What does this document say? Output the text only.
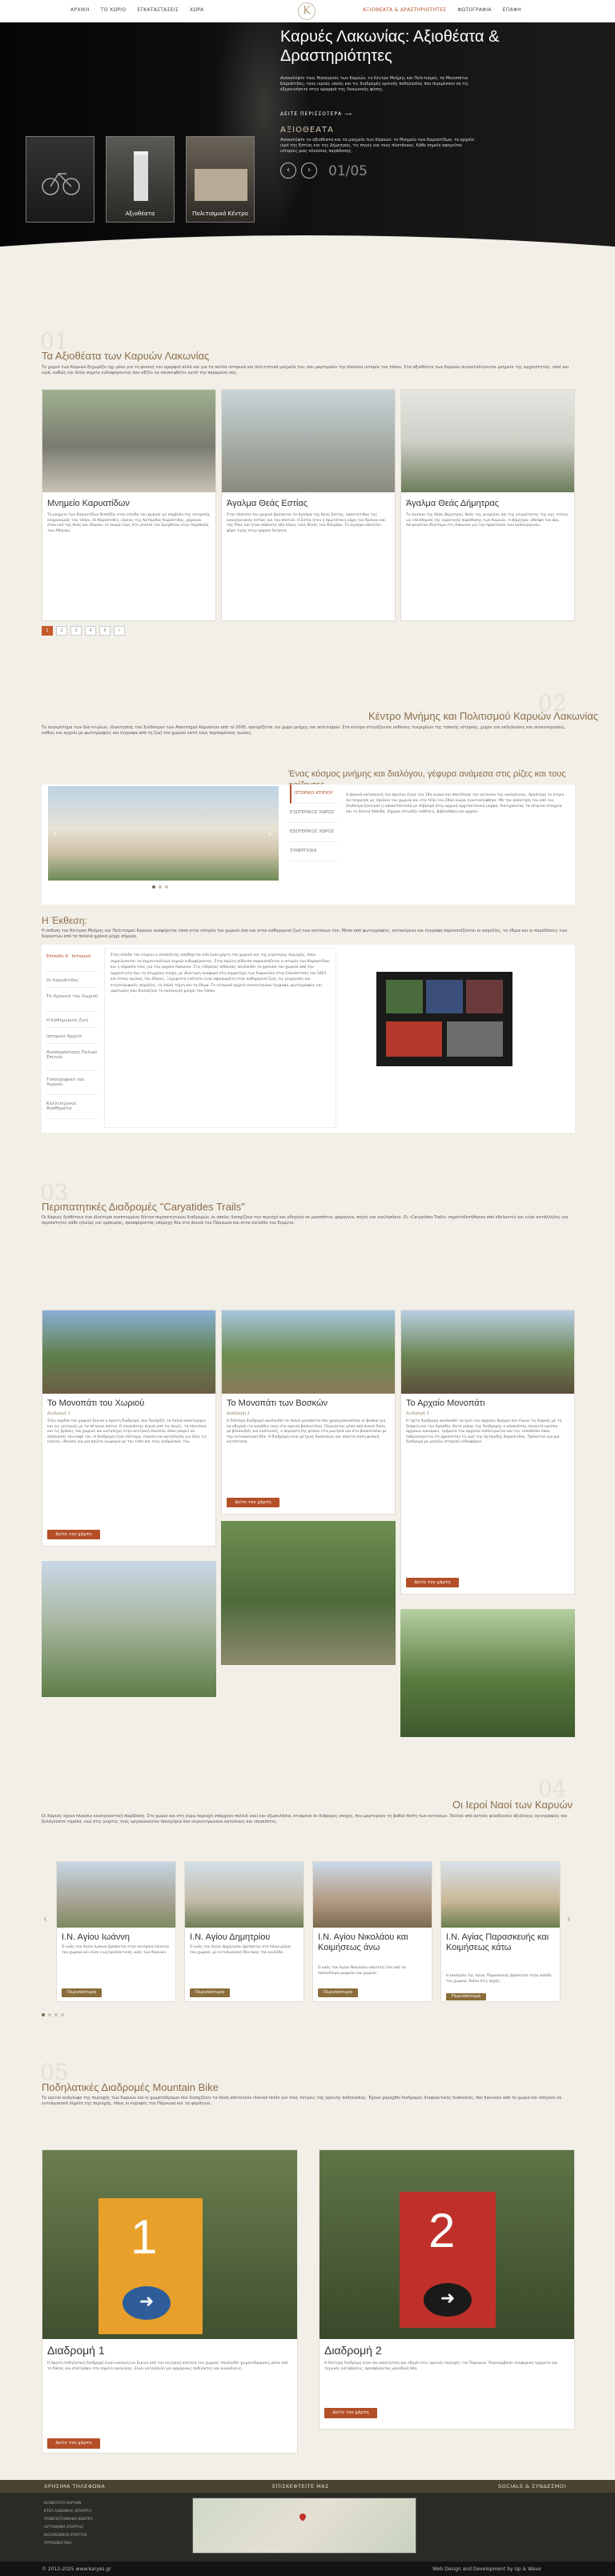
ΑΡΧΙΚΗ ΤΟ ΧΩΡΙΟ ΕΓΚΑΤΑΣΤΑΣΕΙΣ ΧΩΡΑ	K	ΑΞΙΟΘΕΑΤΑ & ΔΡΑΣΤΗΡΙΟΤΗΤΕΣ ΦΩΤΟΓΡΑΦΙΑ ΕΠΑΦΗ
Καρυές Λακωνίας: Αξιοθέατα & Δραστηριότητες
Ανακαλύψτε τους θησαυρούς των Καρυών, το Κέντρο Μνήμης και Πολιτισμού, τα Μονοπάτια Καρυάτιδες, τους ιερούς ναούς και τις διαδρομές ορεινής ποδηλασίας που περιμένουν να τις εξερευνήσετε στην ομορφιά της Λακωνικής φύσης.
ΔΕΙΤΕ ΠΕΡΙΣΣΟΤΕΡΑ ⟶
ΑΞΙΟΘΕΑΤΑ
Ανακαλύψτε τα αξιοθέατα και τα μνημεία των Καρυών: το Μνημείο των Καρυατίδων, το αρχαίο ιερό της Εστίας και της Δήμητρας, τις πηγές και τους πλατάνους. Κάθε σημείο αφηγείται ιστορίες μιας πλούσιας παράδοσης.
‹	›	01/05
Αξιοθέατα	Πολιτισμικό Κέντρο
01
Τα Αξιοθέατα των Καρυών Λακωνίας
Το χωριό των Καρυών ξεχωρίζει όχι μόνο για τη φυσική του ομορφιά αλλά και για τα πολλά ιστορικά και πολιτιστικά μνημεία του, που μαρτυρούν την πλούσια ιστορία του τόπου. Στα αξιοθέατα των Καρυών συγκαταλέγονται μνημεία της αρχαιότητας, ναοί και ιερά, καθώς και άλλα σημεία ενδιαφέροντος που αξίζει να επισκεφθείτε κατά την παραμονή σας.
Μνημείο Καρυατίδων
Το μνημείο των Καρυατίδων δεσπόζει στην είσοδο του χωριού ως σύμβολο της ιστορικής κληρονομιάς του τόπου. Οι Καρυάτιδες, ιέρειες της Αρτέμιδος Καρυάτιδος, χόρευαν στον ναό της θεάς και έδωσαν το όνομά τους στα γλυπτά του Ερεχθείου στην Ακρόπολη των Αθηνών.
Άγαλμα Θεάς Εστίας
Στην πλατεία του χωριού βρίσκεται το άγαλμα της Θεάς Εστίας, προστάτιδας της οικογενειακής εστίας και του σπιτιού. Η Εστία ήταν η πρωτότοκη κόρη του Κρόνου και της Ρέας και ήταν σεβαστή από όλους τους θεούς του Ολύμπου. Το άγαλμα αποτελεί φόρο τιμής στην αρχαία λατρεία.
Άγαλμα Θεάς Δήμητρας
Το άγαλμα της Θεάς Δήμητρας, θεάς της γεωργίας και της γονιμότητας της γης, στέκει ως υπενθύμιση της αγροτικής παράδοσης των Καρυών. Η Δήμητρα, αδελφή του Δία, λατρευόταν ιδιαίτερα στη Λακωνία για την προστασία των καλλιεργειών.
1	2	3	4	5	»
02
Κέντρο Μνήμης και Πολιτισμού Καρυών Λακωνίας
Το συγκρότημα των δύο κτιρίων, ιδιοκτησίας του Συνδέσμου των Απανταχού Καρυατών από το 2005, προορίζεται για χώρο μνήμης και πολιτισμού. Στο κέντρο στεγάζονται εκθέσεις τεκμηρίων της τοπικής ιστορίας, χώροι για εκδηλώσεις και συγκεντρώσεις, καθώς και αρχείο με φωτογραφίες και έγγραφα από τη ζωή του χωριού κατά τους περασμένους αιώνες.
Ένας κόσμος μνήμης και διαλόγου, γέφυρα ανάμεσα στις ρίζες και τους
‹	›
ΙΣΤΟΡΙΚΟ ΚΤΙΡΙΟΥ
ΕΞΩΤΕΡΙΚΟΣ ΧΩΡΟΣ
ΕΣΩΤΕΡΙΚΟΣ ΧΩΡΟΣ
ΣΥΝΕΡΓΑΣΙΑ
Η βασική κατασκευή του πρώτου έγινε τον 19ο αιώνα και αποτέλεσε την κατοικία της οικογένειας. Αργότερα το κτίριο λειτούργησε ως σχολείο του χωριού και στα τέλη του 20ού αιώνα εγκαταλείφθηκε. Με την απόκτηση του από τον Σύνδεσμο ξεκίνησε η αποκατάσταση με σεβασμό στην αρχική αρχιτεκτονική μορφή, διατηρώντας τα πέτρινα στοιχεία και τα ξύλινα δάπεδα. Σήμερα στεγάζει εκθέσεις, βιβλιοθήκη και αρχείο.
Η Έκθεση:
Η έκθεση του Κέντρου Μνήμης και Πολιτισμού Καρυών αναφέρεται τόσο στην ιστορία του χωριού όσο και στην καθημερινή ζωή των κατοίκων του. Μέσα από φωτογραφίες, αντικείμενα και έγγραφα παρουσιάζονται οι ασχολίες, τα έθιμα και οι παραδόσεις των Καρυατών από τα παλαιά χρόνια μέχρι σήμερα.
Επίπεδο Α΄ Ιστορικό
Οι Καρυάτιδες
Το Χρονικό του Χωριού
Η Καθημερινή Ζωή
Ιστορικό Αρχείο
Αναπαράσταση Παλιού Σπιτιού
Τοπογραφικό του Χωριού
Καλλιτεχνικά Αναθήματα
Στην είσοδο του κτιρίου ο επισκέπτης υποδέχεται από έναν χάρτη του χωριού και της ευρύτερης περιοχής, όπου σημειώνονται τα σημαντικότερα σημεία ενδιαφέροντος. Στην πρώτη αίθουσα παρουσιάζεται η ιστορία των Καρυατίδων και η σημασία τους για την αρχαία Λακωνία. Στις επόμενες αίθουσες ακολουθεί το χρονικό του χωριού από την αρχαιότητα έως τη σύγχρονη εποχή, με ιδιαίτερη αναφορά στη συμμετοχή των Καρυατών στην Επανάσταση του 1821 και στους αγώνες του έθνους. Ξεχωριστή ενότητα είναι αφιερωμένη στην καθημερινή ζωή, τις γεωργικές και κτηνοτροφικές ασχολίες, τη λαϊκή τέχνη και τα έθιμα. Το ιστορικό αρχείο συγκεντρώνει έγγραφα, φωτογραφίες και μαρτυρίες που διασώζουν τη συλλογική μνήμη του τόπου.
03
Περιπατητικές Διαδρομές "Caryatides Trails"
Οι Καρυές διαθέτουν ένα ιδιαίτερα ανεπτυγμένο δίκτυο περιπατητικών διαδρομών, οι οποίες διασχίζουν την περιοχή και οδηγούν σε μονοπάτια, φαράγγια, πηγές και εκκλησάκια. Οι «Caryatides Trails» σηματοδοτήθηκαν από εθελοντές και είναι κατάλληλες για περιπατητές κάθε ηλικίας και εμπειρίας, προσφέροντας υπέροχη θέα στα βουνά του Πάρνωνα και στην κοιλάδα του Ευρώτα.
Το Μονοπάτι του Χωριού
Διαδρομή 1
Στην καρδιά του χωριού ξεκινά η πρώτη διαδρομή, που διασχίζει τα παλιά καλντερίμια και τις γειτονιές με τα πέτρινα σπίτια. Ο επισκέπτης περνά από τις πηγές, τα πλατάνια και τις βρύσες του χωριού και καταλήγει στην κεντρική πλατεία, όπου μπορεί να απολαύσει τον καφέ του. Η διαδρομή είναι σύντομη, εύκολη και κατάλληλη για όλες τις ηλικίες, ιδανική για μια πρώτη γνωριμία με τον τόπο και τους ανθρώπους του.
Δείτε τον χάρτη
Το Μονοπάτι των Βοσκών
Διαδρομή 2
Η δεύτερη διαδρομή ακολουθεί τα παλιά μονοπάτια που χρησιμοποιούσαν οι βοσκοί για να οδηγούν τα κοπάδια τους στα ορεινά βοσκοτόπια. Περνώντας μέσα από πυκνά δάση με βελανιδιές και καστανιές, ο περιπατητής φτάνει στα μαντριά και στα βοσκοτόπια με την εντυπωσιακή θέα. Η διαδρομή είναι μέτριας δυσκολίας και απαιτεί καλή φυσική κατάσταση.
Δείτε τον χάρτη
Το Αρχαίο Μονοπάτι
Διαδρομή 3
Η τρίτη διαδρομή ακολουθεί τα ίχνη του αρχαίου δρόμου που ένωνε τις Καρυές με τη Σπάρτη και την Αρκαδία. Κατά μήκος της διαδρομής ο επισκέπτης συναντά ερείπια αρχαίων οικισμών, τμήματα του αρχαίου λιθόστρωτου και την τοποθεσία όπου πιθανολογείται ότι βρισκόταν το ιερό της Αρτέμιδος Καρυάτιδος. Πρόκειται για μια διαδρομή με μεγάλο ιστορικό ενδιαφέρον.
Δείτε τον χάρτη
04
Οι Ιεροί Ναοί των Καρυών
Οι Καρυές έχουν πλούσια εκκλησιαστική παράδοση. Στο χωριό και στη γύρω περιοχή υπάρχουν πολλοί ναοί και εξωκκλήσια, κτισμένα σε διάφορες εποχές, που μαρτυρούν τη βαθιά πίστη των κατοίκων. Πολλοί από αυτούς φιλοξενούν αξιόλογες αγιογραφίες και ξυλόγλυπτα τέμπλα, ενώ στις γιορτές τους οργανώνονται πανηγύρια που συγκεντρώνουν κατοίκους και επισκέπτες.
Ι.Ν. Αγίου Ιωάννη
Ο ναός του Αγίου Ιωάννη βρίσκεται στην κεντρική πλατεία του χωριού και είναι ο μητροπολιτικός ναός των Καρυών.
Περισσότερα
Ι.Ν. Αγίου Δημητρίου
Ο ναός του Αγίου Δημητρίου βρίσκεται στο πάνω μέρος του χωριού, με εντυπωσιακή θέα προς την κοιλάδα.
Περισσότερα
Ι.Ν. Αγίου Νικολάου και Κοιμήσεως άνω
Ο ναός του Αγίου Νικολάου αποτελεί ένα από τα παλαιότερα μνημεία του χωριού.
Περισσότερα
Ι.Ν. Αγίας Παρασκευής και Κοιμήσεως κάτω
Η εκκλησία της Αγίας Παρασκευής βρίσκεται στην είσοδο του χωριού, δίπλα στις πηγές.
Περισσότερα
‹	›
05
Ποδηλατικές Διαδρομές Mountain Bike
Το ορεινό ανάγλυφο της περιοχής των Καρυών και οι χωματόδρομοι που διασχίζουν τα δάση αποτελούν ιδανικό πεδίο για τους λάτρεις της ορεινής ποδηλασίας. Έχουν χαραχθεί διαδρομές διαφορετικής δυσκολίας, που ξεκινούν από το χωριό και οδηγούν σε εντυπωσιακά σημεία της περιοχής, όπως οι κορυφές του Πάρνωνα και τα φαράγγια.
1
➜
Διαδρομή 1
Η πρώτη ποδηλατική διαδρομή είναι κυκλική και ξεκινά από την κεντρική πλατεία του χωριού. Ακολουθεί χωματόδρομους μέσα από το δάσος και επιστρέφει στο σημείο εκκίνησης. Είναι κατάλληλη για αρχάριους ποδηλάτες και οικογένειες.
Δείτε τον χάρτη
2
➜
Διαδρομή 2
Η δεύτερη διαδρομή είναι πιο απαιτητική και οδηγεί στις ορεινές περιοχές του Πάρνωνα. Περιλαμβάνει ανηφορικά τμήματα και τεχνικές καταβάσεις, προσφέροντας μοναδική θέα.
Δείτε τον χάρτη
ΧΡΗΣΙΜΑ ΤΗΛΕΦΩΝΑ	ΕΠΙΣΚΕΦΤΕΙΤΕ ΜΑΣ	SOCIALS & ΣΥΝΔΕΣΜΟΙ
ΚΟΙΝΟΤΗΤΑ ΚΑΡΥΩΝ
ΚΤΕΛ ΛΑΚΩΝΙΑΣ (ΣΠΑΡΤΗ)
ΠΑΝΕΠΙΣΤΗΜΙΑΚΟ ΚΕΝΤΡΟ
ΑΣΤΥΝΟΜΙΑ ΣΠΑΡΤΗΣ
ΝΟΣΟΚΟΜΕΙΟ ΣΠΑΡΤΗΣ
ΠΥΡΟΣΒΕΣΤΙΚΗ
© 2012-2025 www.karyes.gr	Web Design and Development by Up & Wave
